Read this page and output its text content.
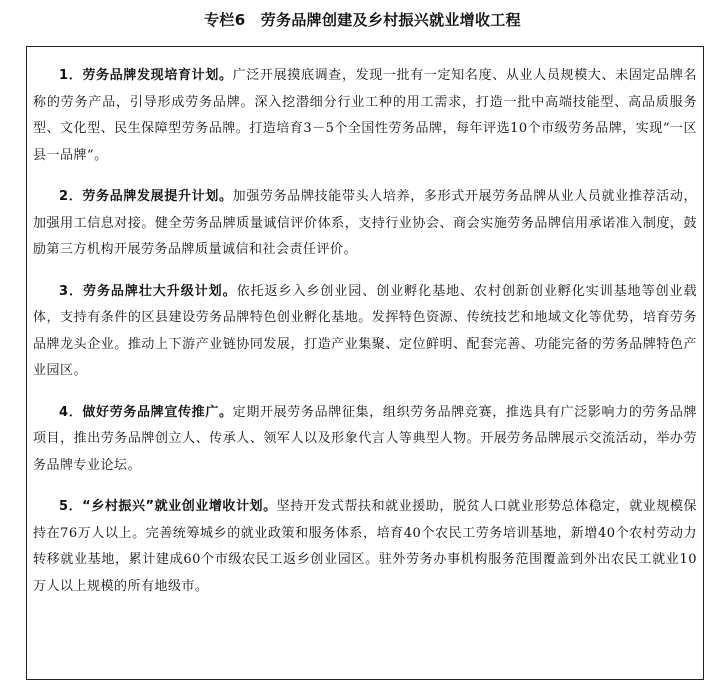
专栏6　劳务品牌创建及乡村振兴就业增收工程

1．劳务品牌发现培育计划。广泛开展摸底调查，发现一批有一定知名度、从业人员规模大、未固定品牌名称的劳务产品，引导形成劳务品牌。深入挖潜细分行业工种的用工需求，打造一批中高端技能型、高品质服务型、文化型、民生保障型劳务品牌。打造培育3－5个全国性劳务品牌，每年评选10个市级劳务品牌，实现“一区县一品牌”。

2．劳务品牌发展提升计划。加强劳务品牌技能带头人培养，多形式开展劳务品牌从业人员就业推荐活动，加强用工信息对接。健全劳务品牌质量诚信评价体系，支持行业协会、商会实施劳务品牌信用承诺准入制度，鼓励第三方机构开展劳务品牌质量诚信和社会责任评价。

3．劳务品牌壮大升级计划。依托返乡入乡创业园、创业孵化基地、农村创新创业孵化实训基地等创业载体，支持有条件的区县建设劳务品牌特色创业孵化基地。发挥特色资源、传统技艺和地域文化等优势，培育劳务品牌龙头企业。推动上下游产业链协同发展，打造产业集聚、定位鲜明、配套完善、功能完备的劳务品牌特色产业园区。

4．做好劳务品牌宣传推广。定期开展劳务品牌征集，组织劳务品牌竞赛，推选具有广泛影响力的劳务品牌项目，推出劳务品牌创立人、传承人、领军人以及形象代言人等典型人物。开展劳务品牌展示交流活动，举办劳务品牌专业论坛。

5．“乡村振兴”就业创业增收计划。坚持开发式帮扶和就业援助，脱贫人口就业形势总体稳定，就业规模保持在76万人以上。完善统筹城乡的就业政策和服务体系，培育40个农民工劳务培训基地，新增40个农村劳动力转移就业基地，累计建成60个市级农民工返乡创业园区。驻外劳务办事机构服务范围覆盖到外出农民工就业10万人以上规模的所有地级市。
